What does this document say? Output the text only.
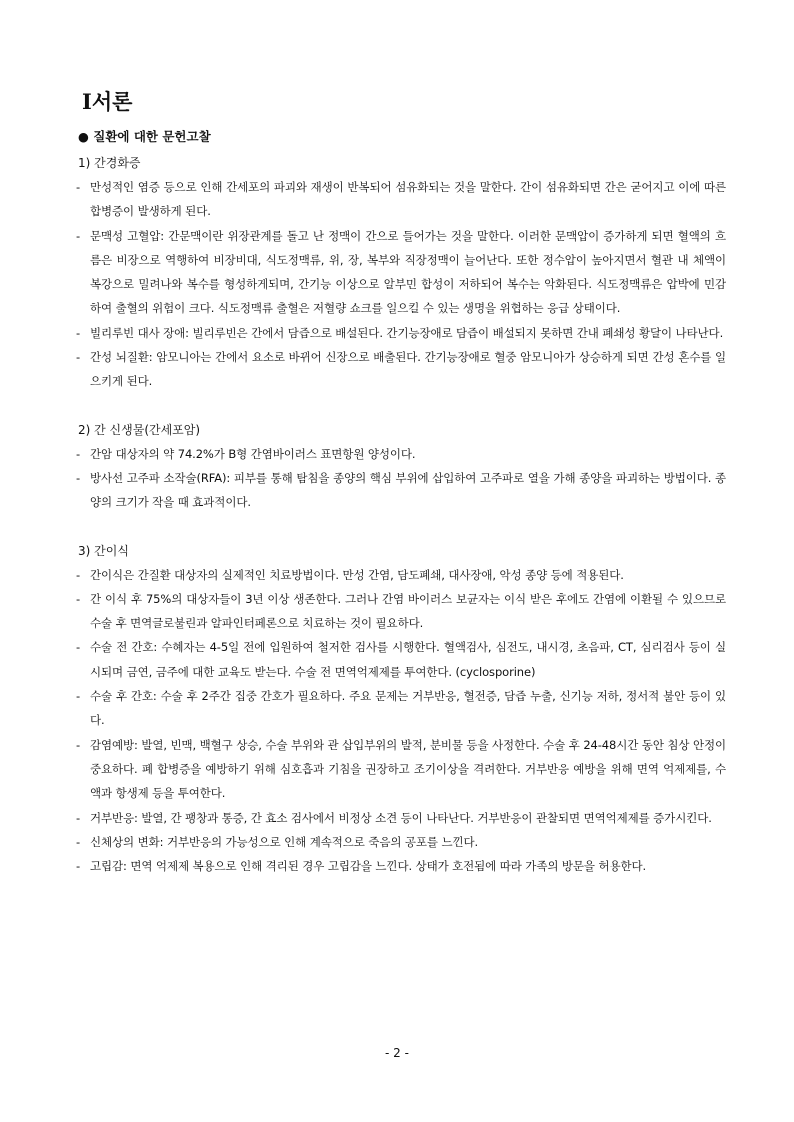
Ⅰ서론
● 질환에 대한 문헌고찰
1) 간경화증
- 만성적인 염증 등으로 인해 간세포의 파괴와 재생이 반복되어 섬유화되는 것을 말한다. 간이 섬유화되면 간은 굳어지고 이에 따른 합병증이 발생하게 된다.
- 문맥성 고혈압: 간문맥이란 위장관계를 돌고 난 정맥이 간으로 들어가는 것을 말한다. 이러한 문맥압이 증가하게 되면 혈액의 흐름은 비장으로 역행하여 비장비대, 식도정맥류, 위, 장, 복부와 직장정맥이 늘어난다. 또한 정수압이 높아지면서 혈관 내 체액이 복강으로 밀려나와 복수를 형성하게되며, 간기능 이상으로 알부민 합성이 저하되어 복수는 악화된다. 식도정맥류은 압박에 민감하여 출혈의 위험이 크다. 식도정맥류 출혈은 저혈량 쇼크를 일으킬 수 있는 생명을 위협하는 응급 상태이다.
- 빌리루빈 대사 장애: 빌리루빈은 간에서 담즙으로 배설된다. 간기능장애로 담즙이 배설되지 못하면 간내 폐쇄성 황달이 나타난다.
- 간성 뇌질환: 암모니아는 간에서 요소로 바뀌어 신장으로 배출된다. 간기능장애로 혈중 암모니아가 상승하게 되면 간성 혼수를 일으키게 된다.
2) 간 신생물(간세포암)
- 간암 대상자의 약 74.2%가 B형 간염바이러스 표면항원 양성이다.
- 방사선 고주파 소작술(RFA): 피부를 통해 탐침을 종양의 핵심 부위에 삽입하여 고주파로 열을 가해 종양을 파괴하는 방법이다. 종양의 크기가 작을 때 효과적이다.
3) 간이식
- 간이식은 간질환 대상자의 실제적인 치료방법이다. 만성 간염, 담도폐쇄, 대사장애, 악성 종양 등에 적용된다.
- 간 이식 후 75%의 대상자들이 3년 이상 생존한다. 그러나 간염 바이러스 보균자는 이식 받은 후에도 간염에 이환될 수 있으므로 수술 후 면역글로불린과 알파인터페론으로 치료하는 것이 필요하다.
- 수술 전 간호: 수혜자는 4-5일 전에 입원하여 철저한 검사를 시행한다. 혈액검사, 심전도, 내시경, 초음파, CT, 심리검사 등이 실시되며 금연, 금주에 대한 교육도 받는다. 수술 전 면역억제제를 투여한다. (cyclosporine)
- 수술 후 간호: 수술 후 2주간 집중 간호가 필요하다. 주요 문제는 거부반응, 혈전증, 담즙 누출, 신기능 저하, 정서적 불안 등이 있다.
- 감염예방: 발열, 빈맥, 백혈구 상승, 수술 부위와 관 삽입부위의 발적, 분비물 등을 사정한다. 수술 후 24-48시간 동안 침상 안정이 중요하다. 폐 합병증을 예방하기 위해 심호흡과 기침을 권장하고 조기이상을 격려한다. 거부반응 예방을 위해 면역 억제제를, 수액과 항생제 등을 투여한다.
- 거부반응: 발열, 간 팽창과 통증, 간 효소 검사에서 비정상 소견 등이 나타난다. 거부반응이 관찰되면 면역억제제를 증가시킨다.
- 신체상의 변화: 거부반응의 가능성으로 인해 계속적으로 죽음의 공포를 느낀다.
- 고립감: 면역 억제제 복용으로 인해 격리된 경우 고립감을 느낀다. 상태가 호전됨에 따라 가족의 방문을 허용한다.
- 2 -
